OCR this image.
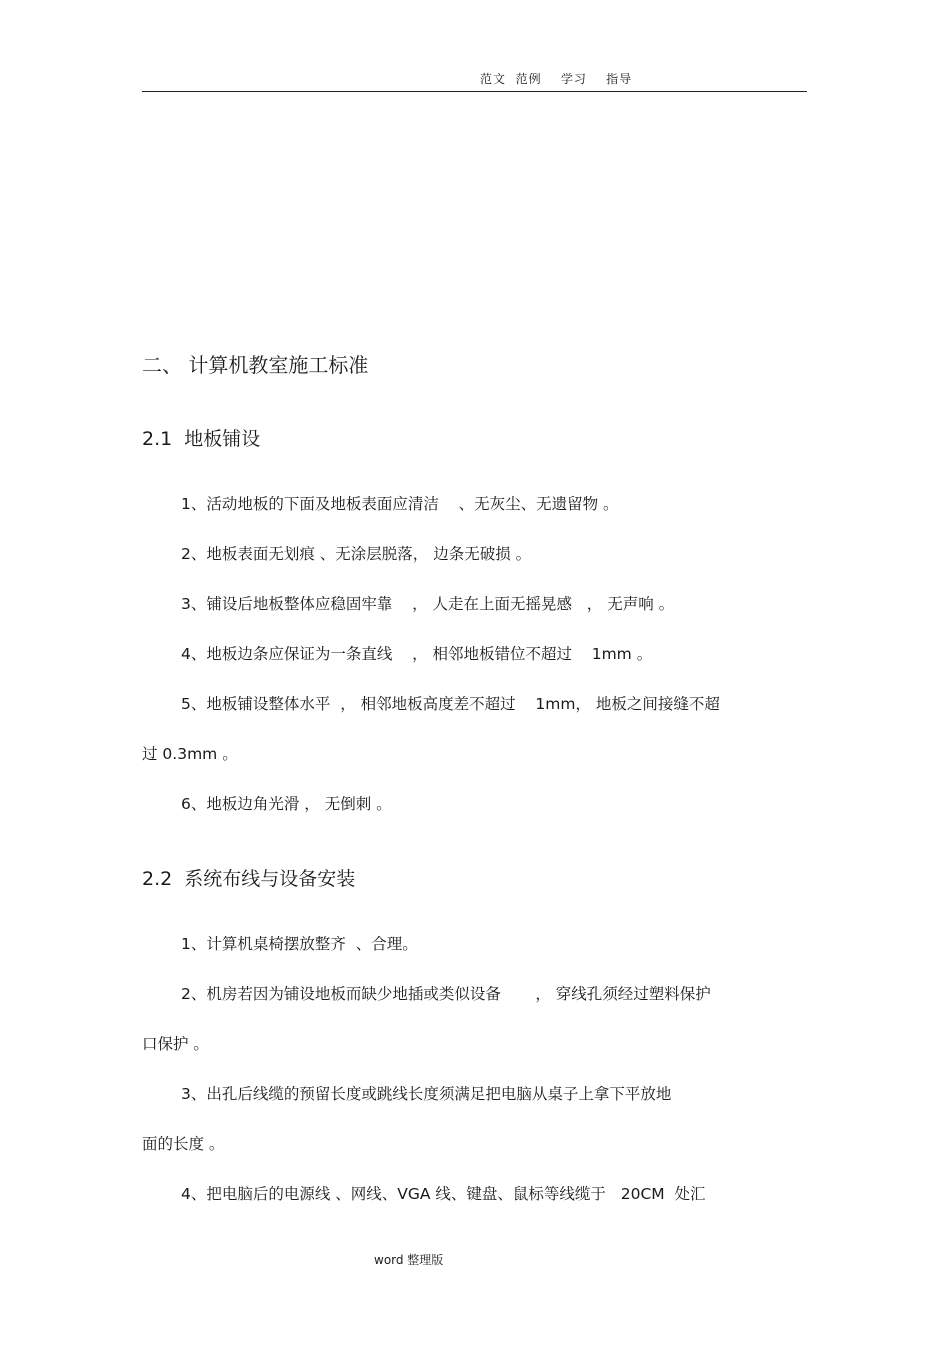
范文  范例    学习    指导
二、 计算机教室施工标准
2.1  地板铺设
1、活动地板的下面及地板表面应清洁    、无灰尘、无遗留物 。
2、地板表面无划痕 、无涂层脱落， 边条无破损 。
3、铺设后地板整体应稳固牢靠    ， 人走在上面无摇晃感   ， 无声响 。
4、地板边条应保证为一条直线    ， 相邻地板错位不超过    1mm 。
5、地板铺设整体水平  ， 相邻地板高度差不超过    1mm， 地板之间接缝不超
过 0.3mm 。
6、地板边角光滑 ， 无倒刺 。
2.2  系统布线与设备安装
1、计算机桌椅摆放整齐  、合理。
2、机房若因为铺设地板而缺少地插或类似设备       ， 穿线孔须经过塑料保护
口保护 。
3、出孔后线缆的预留长度或跳线长度须满足把电脑从桌子上拿下平放地
面的长度 。
4、把电脑后的电源线 、网线、VGA 线、键盘、鼠标等线缆于   20CM  处汇
word 整理版
